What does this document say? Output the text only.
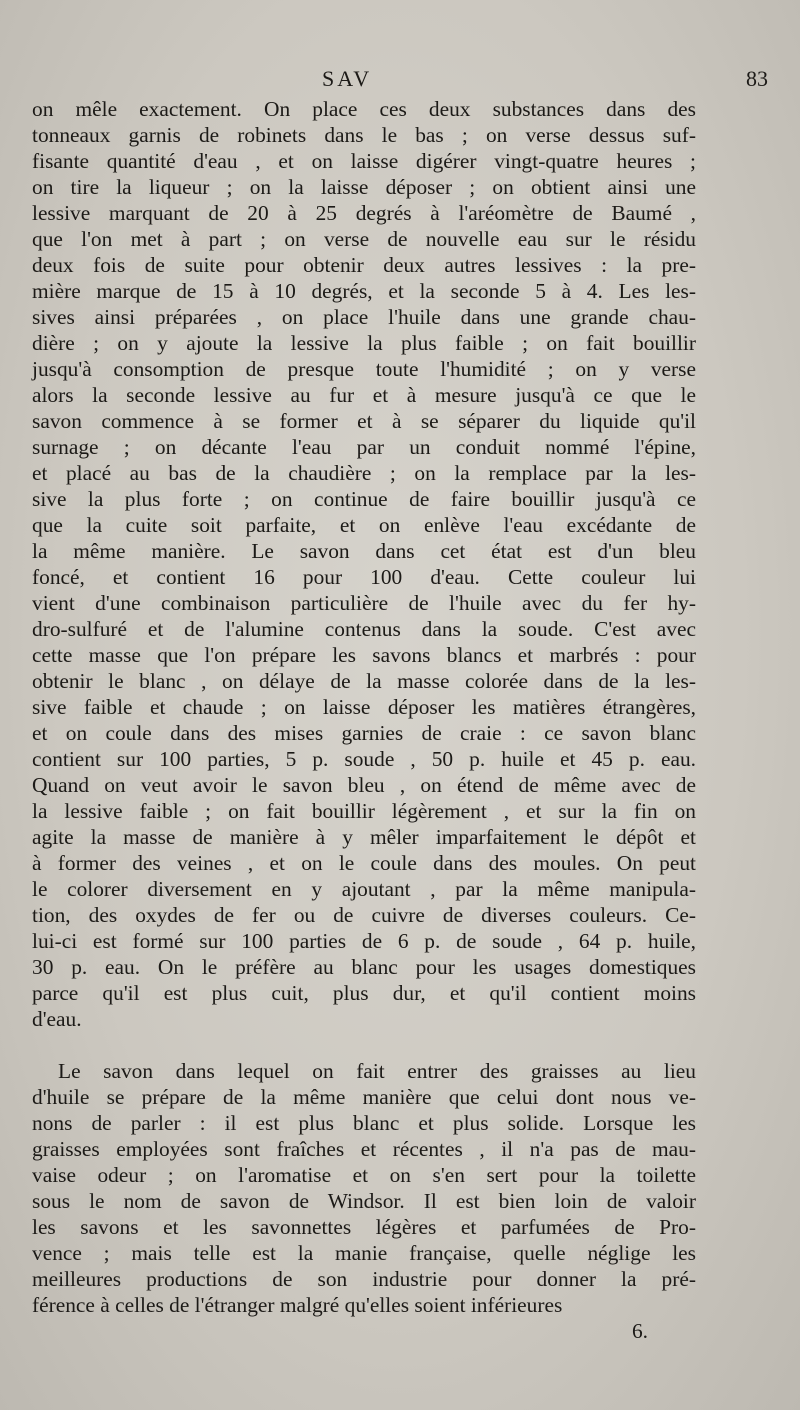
SAV	83
on mêle exactement. On place ces deux substances dans des
tonneaux garnis de robinets dans le bas ; on verse dessus suf-
fisante quantité d'eau , et on laisse digérer vingt-quatre heures ;
on tire la liqueur ; on la laisse déposer ; on obtient ainsi une
lessive marquant de 20 à 25 degrés à l'aréomètre de Baumé ,
que l'on met à part ; on verse de nouvelle eau sur le résidu
deux fois de suite pour obtenir deux autres lessives : la pre-
mière marque de 15 à 10 degrés, et la seconde 5 à 4. Les les-
sives ainsi préparées , on place l'huile dans une grande chau-
dière ; on y ajoute la lessive la plus faible ; on fait bouillir
jusqu'à consomption de presque toute l'humidité ; on y verse
alors la seconde lessive au fur et à mesure jusqu'à ce que le
savon commence à se former et à se séparer du liquide qu'il
surnage ; on décante l'eau par un conduit nommé l'épine,
et placé au bas de la chaudière ; on la remplace par la les-
sive la plus forte ; on continue de faire bouillir jusqu'à ce
que la cuite soit parfaite, et on enlève l'eau excédante de
la même manière. Le savon dans cet état est d'un bleu
foncé, et contient 16 pour 100 d'eau. Cette couleur lui
vient d'une combinaison particulière de l'huile avec du fer hy-
dro-sulfuré et de l'alumine contenus dans la soude. C'est avec
cette masse que l'on prépare les savons blancs et marbrés : pour
obtenir le blanc , on délaye de la masse colorée dans de la les-
sive faible et chaude ; on laisse déposer les matières étrangères,
et on coule dans des mises garnies de craie : ce savon blanc
contient sur 100 parties, 5 p. soude , 50 p. huile et 45 p. eau.
Quand on veut avoir le savon bleu , on étend de même avec de
la lessive faible ; on fait bouillir légèrement , et sur la fin on
agite la masse de manière à y mêler imparfaitement le dépôt et
à former des veines , et on le coule dans des moules. On peut
le colorer diversement en y ajoutant , par la même manipula-
tion, des oxydes de fer ou de cuivre de diverses couleurs. Ce-
lui-ci est formé sur 100 parties de 6 p. de soude , 64 p. huile,
30 p. eau. On le préfère au blanc pour les usages domestiques
parce qu'il est plus cuit, plus dur, et qu'il contient moins
d'eau.
Le savon dans lequel on fait entrer des graisses au lieu
d'huile se prépare de la même manière que celui dont nous ve-
nons de parler : il est plus blanc et plus solide. Lorsque les
graisses employées sont fraîches et récentes , il n'a pas de mau-
vaise odeur ; on l'aromatise et on s'en sert pour la toilette
sous le nom de savon de Windsor. Il est bien loin de valoir
les savons et les savonnettes légères et parfumées de Pro-
vence ; mais telle est la manie française, quelle néglige les
meilleures productions de son industrie pour donner la pré-
férence à celles de l'étranger malgré qu'elles soient inférieures
6.
